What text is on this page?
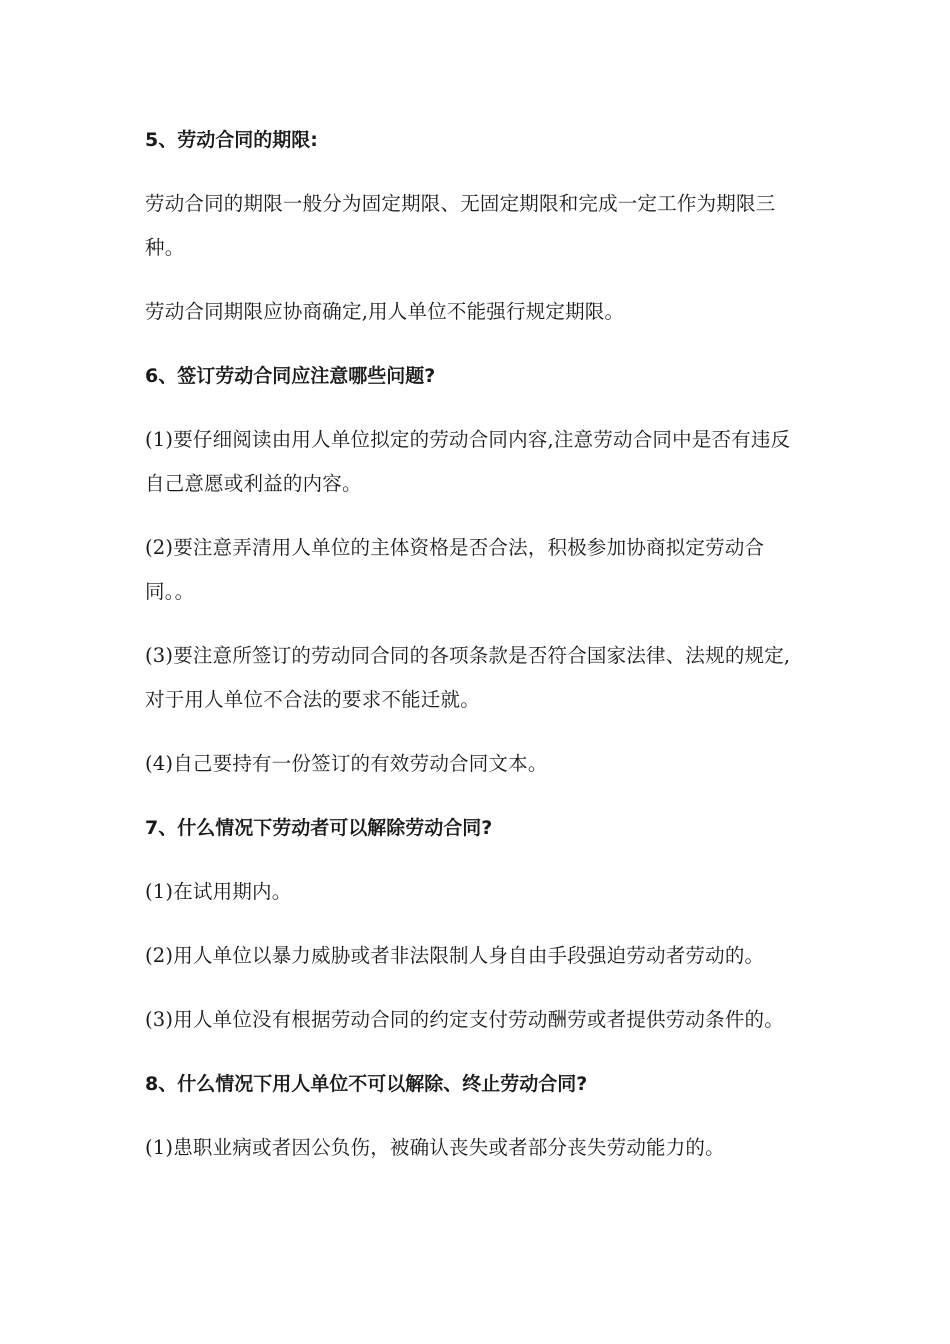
5、劳动合同的期限:
劳动合同的期限一般分为固定期限、无固定期限和完成一定工作为期限三种。
劳动合同期限应协商确定,用人单位不能强行规定期限。
6、签订劳动合同应注意哪些问题?
(1)要仔细阅读由用人单位拟定的劳动合同内容,注意劳动合同中是否有违反自己意愿或利益的内容。
(2)要注意弄清用人单位的主体资格是否合法，积极参加协商拟定劳动合同。。
(3)要注意所签订的劳动同合同的各项条款是否符合国家法律、法规的规定,对于用人单位不合法的要求不能迁就。
(4)自己要持有一份签订的有效劳动合同文本。
7、什么情况下劳动者可以解除劳动合同?
(1)在试用期内。
(2)用人单位以暴力威胁或者非法限制人身自由手段强迫劳动者劳动的。
(3)用人单位没有根据劳动合同的约定支付劳动酬劳或者提供劳动条件的。
8、什么情况下用人单位不可以解除、终止劳动合同?
(1)患职业病或者因公负伤，被确认丧失或者部分丧失劳动能力的。
